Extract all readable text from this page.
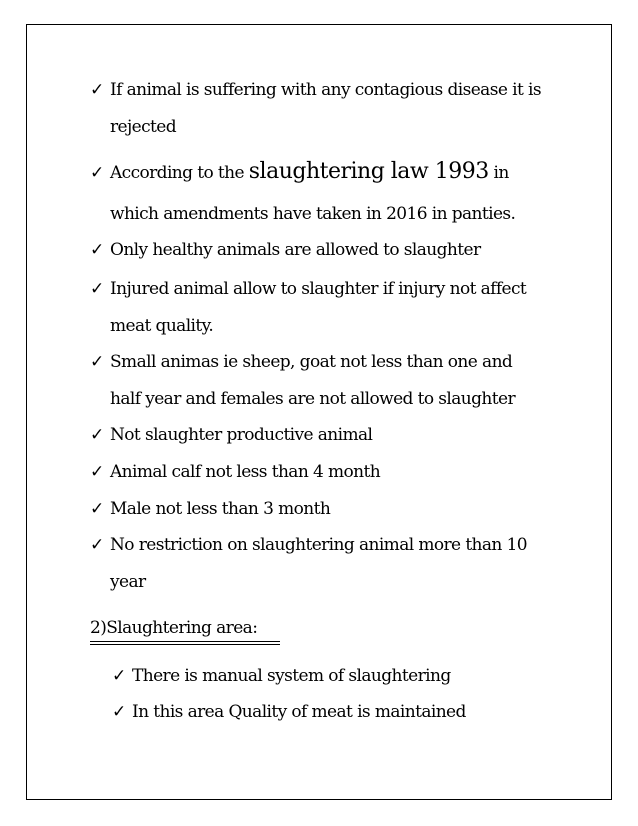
✓ If animal is suffering with any contagious disease it is
rejected
✓ According to the slaughtering law 1993 in
which amendments have taken in 2016 in panties.
✓ Only healthy animals are allowed to slaughter
✓ Injured animal allow to slaughter if injury not affect
meat quality.
✓ Small animas ie sheep, goat not less than one and
half year and females are not allowed to slaughter
✓ Not slaughter productive animal
✓ Animal calf not less than 4 month
✓ Male not less than 3 month
✓ No restriction on slaughtering animal more than 10
year
2)Slaughtering area:
✓ There is manual system of slaughtering
✓ In this area Quality of meat is maintained
